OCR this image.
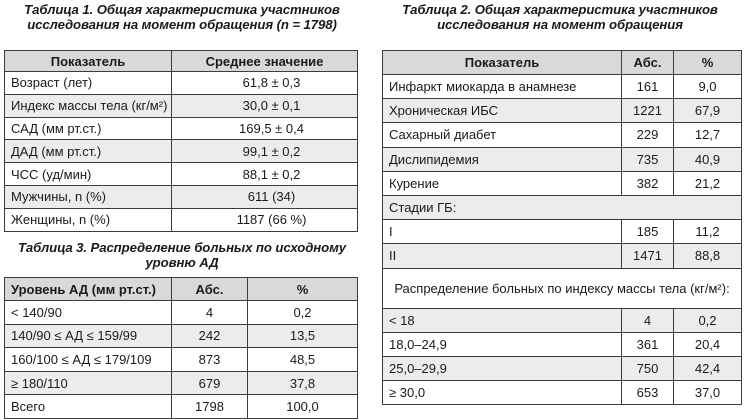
Таблица 1. Общая характеристика участников
исследования на момент обращения (n = 1798)
Таблица 2. Общая характеристика участников
исследования на момент обращения
Показатель	Среднее значение
Возраст (лет)	61,8 ± 0,3
Индекс массы тела (кг/м²)	30,0 ± 0,1
САД (мм рт.ст.)	169,5 ± 0,4
ДАД (мм рт.ст.)	99,1 ± 0,2
ЧСС (уд/мин)	88,1 ± 0,2
Мужчины, n (%)	611 (34)
Женщины, n (%)	1187 (66 %)
Таблица 3. Распределение больных по исходному
уровню АД
Уровень АД (мм рт.ст.)	Абс.	%
< 140/90	4	0,2
140/90 ≤ АД ≤ 159/99	242	13,5
160/100 ≤ АД ≤ 179/109	873	48,5
≥ 180/110	679	37,8
Всего	1798	100,0
Показатель	Абс.	%
Инфаркт миокарда в анамнезе	161	9,0
Хроническая ИБС	1221	67,9
Сахарный диабет	229	12,7
Дислипидемия	735	40,9
Курение	382	21,2
Стадии ГБ:		
I	185	11,2
II	1471	88,8
Распределение больных по индексу массы тела (кг/м²):		
< 18	4	0,2
18,0–24,9	361	20,4
25,0–29,9	750	42,4
≥ 30,0	653	37,0
